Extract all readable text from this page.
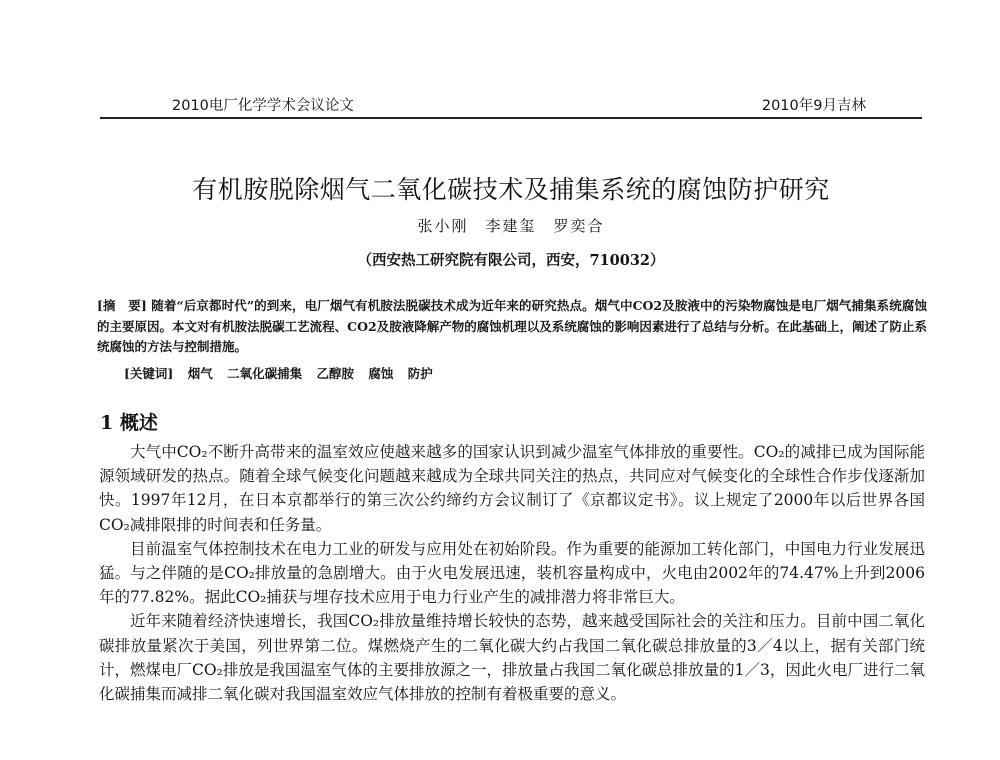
2010电厂化学学术会议论文	2010年9月吉林
有机胺脱除烟气二氧化碳技术及捕集系统的腐蚀防护研究
张小刚　李建玺　罗奕合
（西安热工研究院有限公司，西安，710032）
[摘　要] 随着“后京都时代”的到来，电厂烟气有机胺法脱碳技术成为近年来的研究热点。烟气中CO2及胺液中的污染物腐蚀是电厂烟气捕集系统腐蚀的主要原因。本文对有机胺法脱碳工艺流程、CO2及胺液降解产物的腐蚀机理以及系统腐蚀的影响因素进行了总结与分析。在此基础上，阐述了防止系统腐蚀的方法与控制措施。
[关键词] 烟气 二氧化碳捕集 乙醇胺 腐蚀 防护
1 概述

大气中CO₂不断升高带来的温室效应使越来越多的国家认识到减少温室气体排放的重要性。CO₂的减排已成为国际能源领域研发的热点。随着全球气候变化问题越来越成为全球共同关注的热点，共同应对气候变化的全球性合作步伐逐渐加快。1997年12月，在日本京都举行的第三次公约缔约方会议制订了《京都议定书》。议上规定了2000年以后世界各国CO₂减排限排的时间表和任务量。

目前温室气体控制技术在电力工业的研发与应用处在初始阶段。作为重要的能源加工转化部门，中国电力行业发展迅猛。与之伴随的是CO₂排放量的急剧增大。由于火电发展迅速，装机容量构成中，火电由2002年的74.47%上升到2006年的77.82%。据此CO₂捕获与埋存技术应用于电力行业产生的减排潜力将非常巨大。

近年来随着经济快速增长，我国CO₂排放量维持增长较快的态势，越来越受国际社会的关注和压力。目前中国二氧化碳排放量紧次于美国，列世界第二位。煤燃烧产生的二氧化碳大约占我国二氧化碳总排放量的3／4以上，据有关部门统计，燃煤电厂CO₂排放是我国温室气体的主要排放源之一，排放量占我国二氧化碳总排放量的1／3，因此火电厂进行二氧化碳捕集而减排二氧化碳对我国温室效应气体排放的控制有着极重要的意义。
